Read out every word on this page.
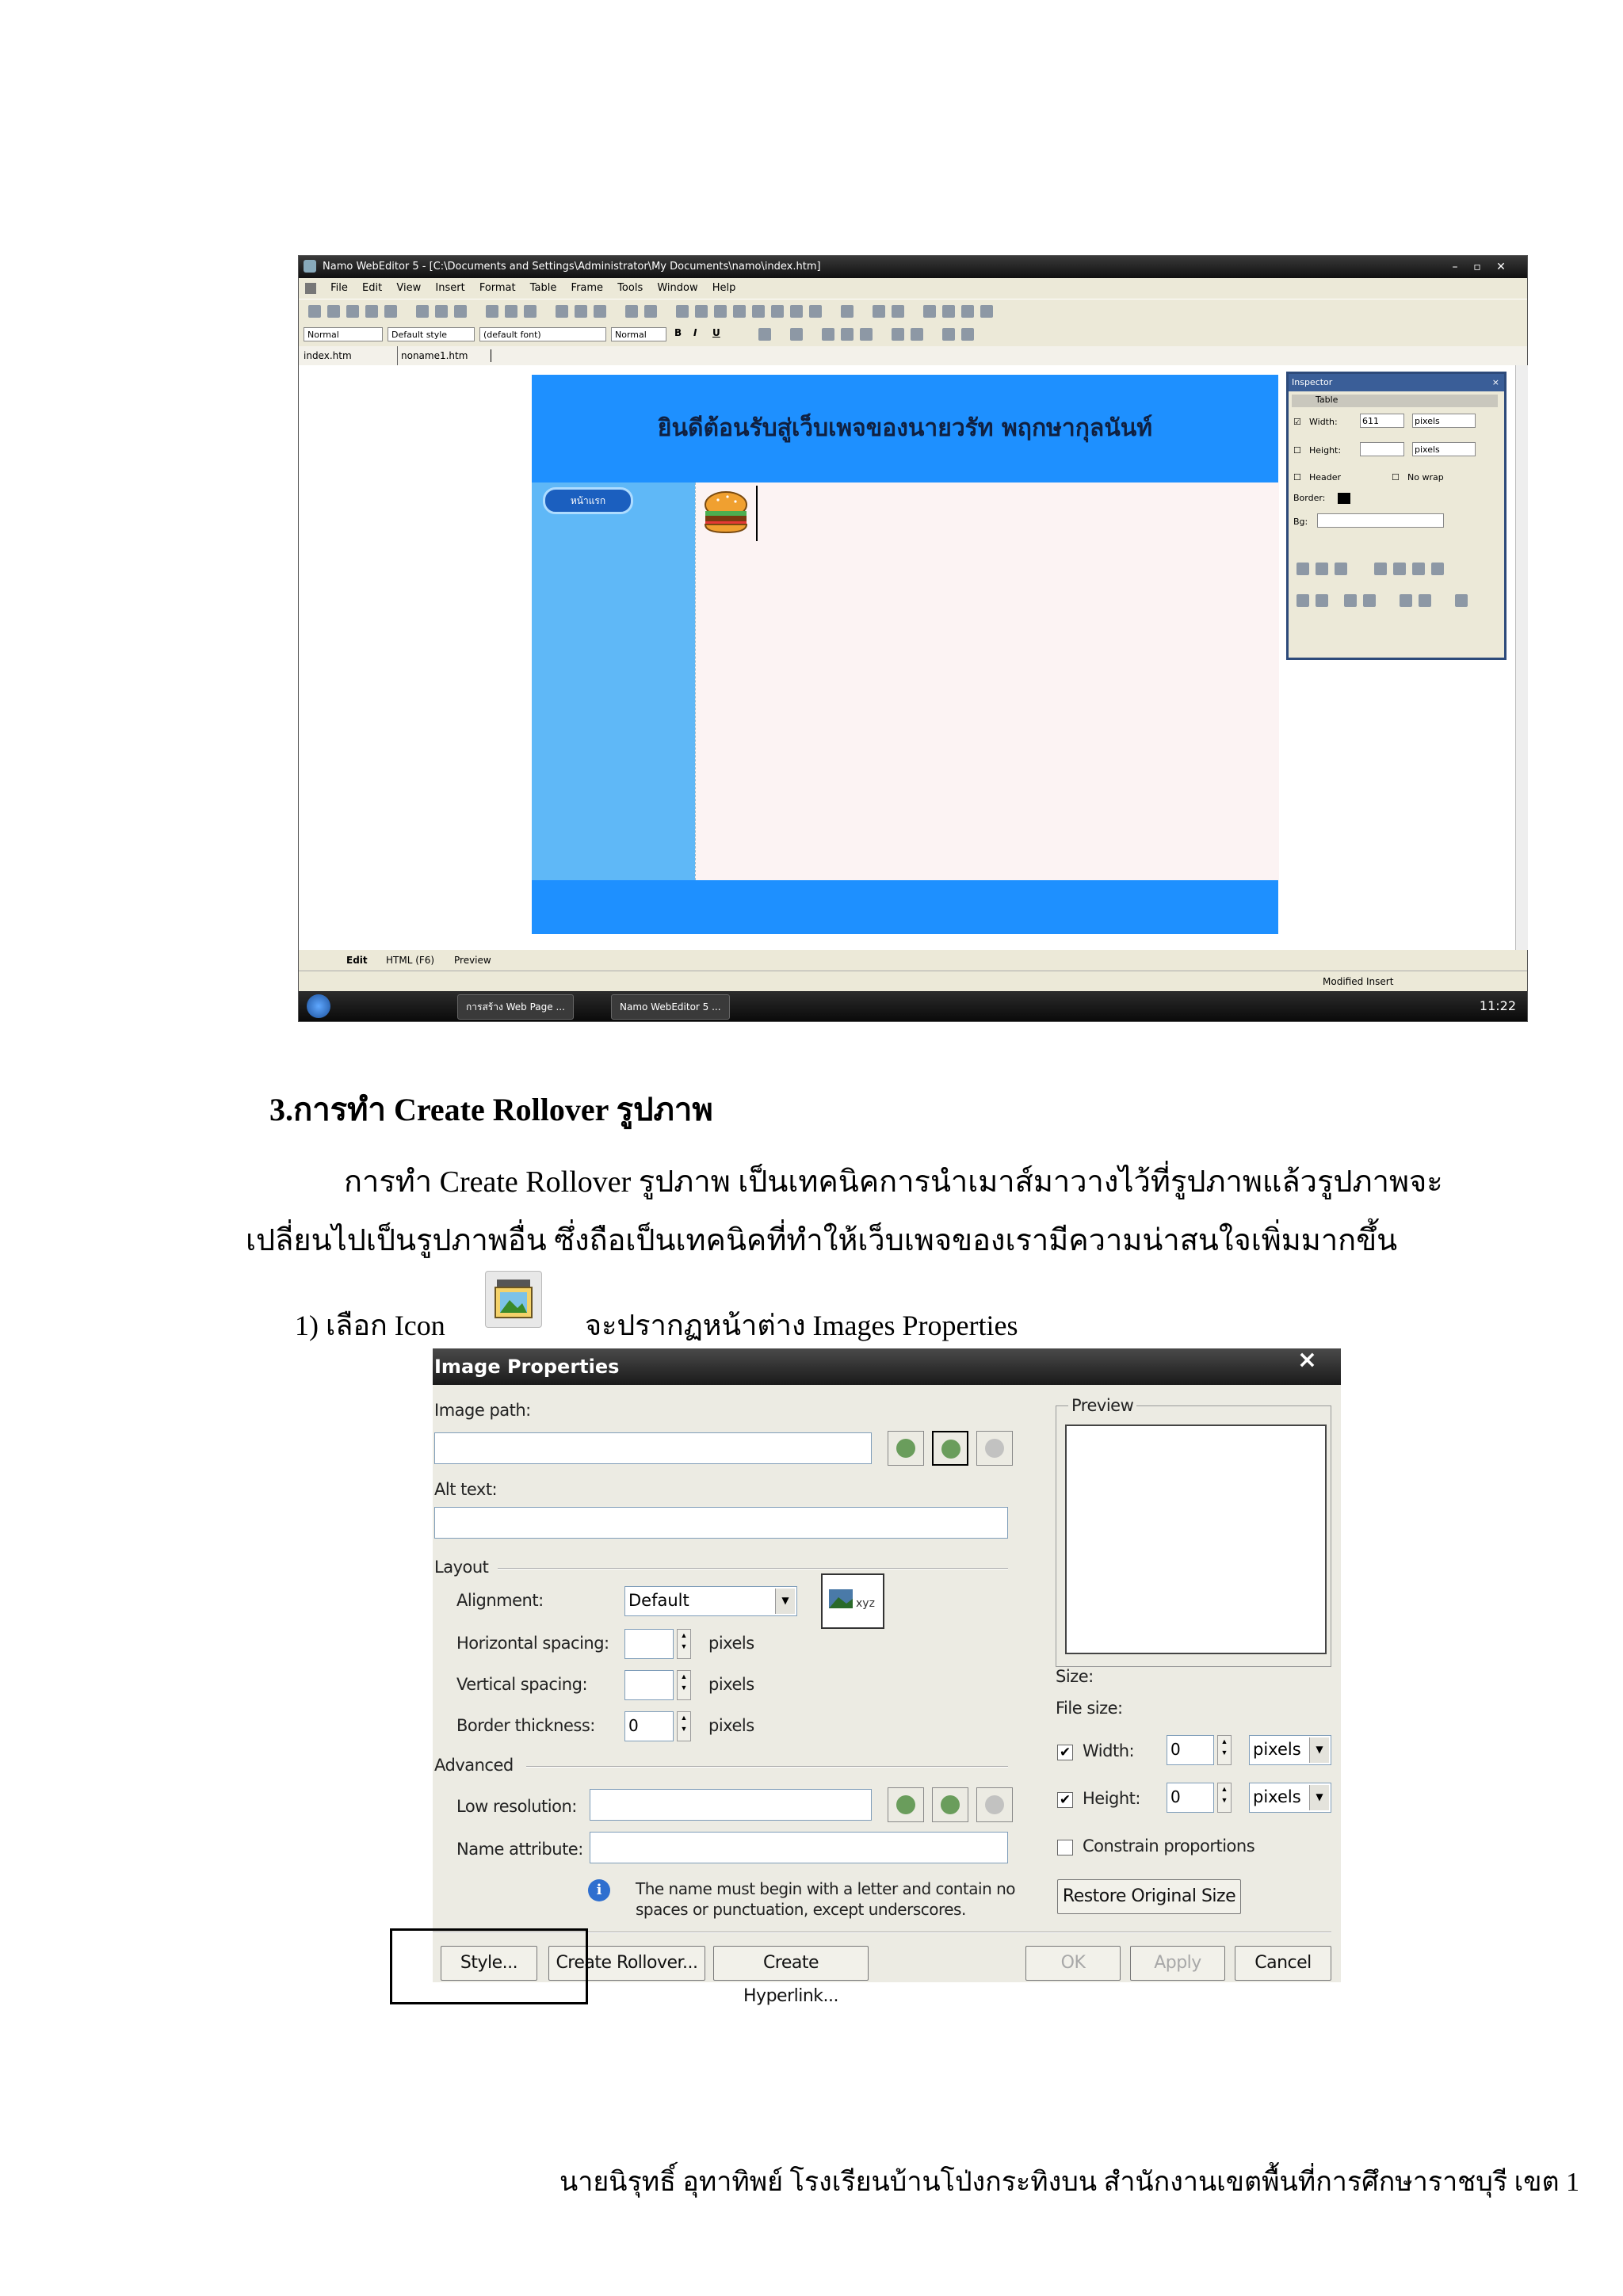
Namo WebEditor 5 - [C:\Documents and Settings\Administrator\My Documents\namo\index.htm]	–	▫	✕
File Edit View Insert Format Table Frame Tools Window Help
Normal	Default style	(default font)	Normal	B I U
index.htm	noname1.htm
ยินดีต้อนรับสู่เว็บเพจของนายวรัท พฤกษากุลนันท์
หน้าแรก
Inspector	×
Table
☑ Width:	611	pixels
☐ Height:	pixels
☐ Header	☐ No wrap
Border:
Bg:
Edit HTML (F6) Preview
Modified Insert
การสร้าง Web Page ...	Namo WebEditor 5 ...	11:22
3.การทำ Create Rollover รูปภาพ
การทำ Create Rollover รูปภาพ เป็นเทคนิคการนำเมาส์มาวางไว้ที่รูปภาพแล้วรูปภาพจะ
เปลี่ยนไปเป็นรูปภาพอื่น ซึ่งถือเป็นเทคนิคที่ทำให้เว็บเพจของเรามีความน่าสนใจเพิ่มมากขึ้น
1) เลือก Icon	จะปรากฏหน้าต่าง Images Properties
Image Properties	×
Image path:
Alt text:
Layout
Alignment:	Default	▼	xyz
Horizontal spacing:	▲
▼ pixels
Vertical spacing:	▲
▼ pixels
Border thickness: 0	▲
▼ pixels
Advanced
Low resolution:
Name attribute:
i	The name must begin with a letter and contain no
spaces or punctuation, except underscores.
Preview
Size:
File size:
✔ Width: 0	▲
▼ pixels	▼
✔ Height: 0	▲
▼ pixels	▼
Constrain proportions
Restore Original Size
Style...	Create Rollover...	Create Hyperlink...
OK	Apply	Cancel
นายนิรุทธิ์ อุทาทิพย์ โรงเรียนบ้านโป่งกระทิงบน สำนักงานเขตพื้นที่การศึกษาราชบุรี เขต 1
